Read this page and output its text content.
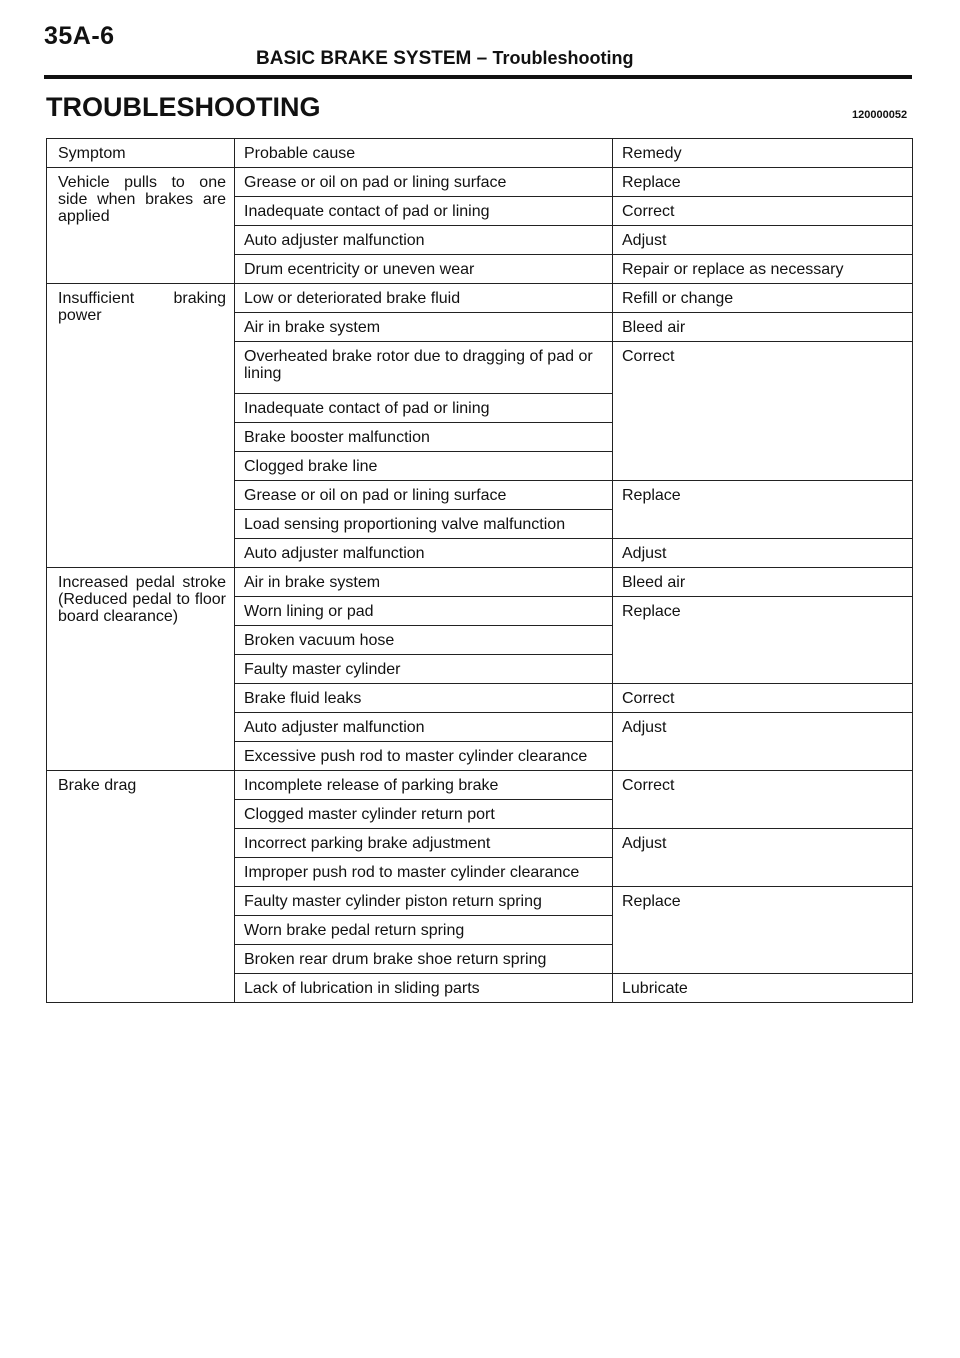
35A-6
BASIC BRAKE SYSTEM – Troubleshooting
TROUBLESHOOTING	120000052
Symptom	Probable cause	Remedy

Vehicle pulls to one side when brakes are applied	Grease or oil on pad or lining surface	Replace
	Inadequate contact of pad or lining	Correct
	Auto adjuster malfunction	Adjust
	Drum ecentricity or uneven wear	Repair or replace as necessary

Insufficient braking power	Low or deteriorated brake fluid	Refill or change
	Air in brake system	Bleed air
	Overheated brake rotor due to dragging of pad or lining	Correct
	Inadequate contact of pad or lining	
	Brake booster malfunction	
	Clogged brake line	
	Grease or oil on pad or lining surface	Replace
	Load sensing proportioning valve malfunction	
	Auto adjuster malfunction	Adjust

Increased pedal stroke (Reduced pedal to floor board clearance)	Air in brake system	Bleed air
	Worn lining or pad	Replace
	Broken vacuum hose	
	Faulty master cylinder	
	Brake fluid leaks	Correct
	Auto adjuster malfunction	Adjust
	Excessive push rod to master cylinder clearance	

Brake drag	Incomplete release of parking brake	Correct
	Clogged master cylinder return port	
	Incorrect parking brake adjustment	Adjust
	Improper push rod to master cylinder clearance	
	Faulty master cylinder piston return spring	Replace
	Worn brake pedal return spring	
	Broken rear drum brake shoe return spring	
	Lack of lubrication in sliding parts	Lubricate
